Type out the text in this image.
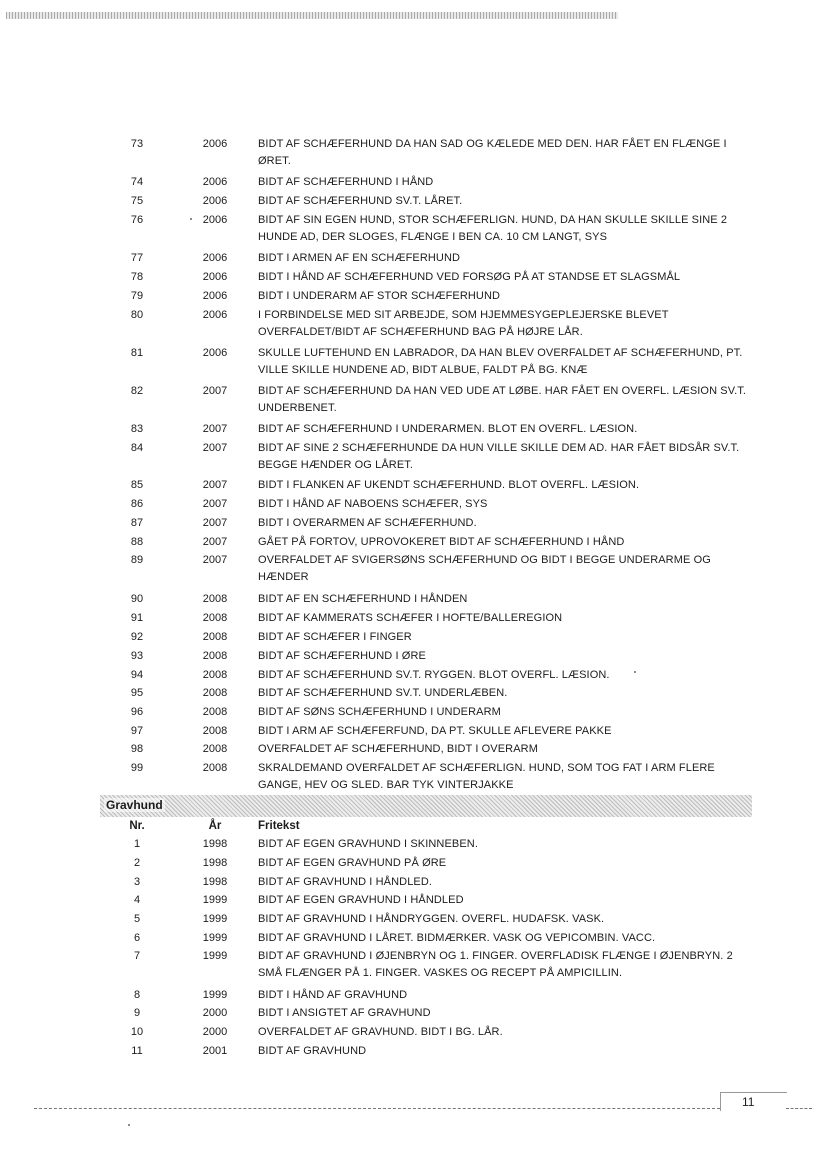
73	2006	BIDT AF SCHÆFERHUND DA HAN SAD OG KÆLEDE MED DEN. HAR FÅET EN FLÆNGE I ØRET.
74	2006	BIDT AF SCHÆFERHUND I HÅND
75	2006	BIDT AF SCHÆFERHUND SV.T. LÅRET.
76	2006	BIDT AF SIN EGEN HUND, STOR SCHÆFERLIGN. HUND, DA HAN SKULLE SKILLE SINE 2 HUNDE AD, DER SLOGES, FLÆNGE I BEN CA. 10 CM LANGT, SYS
77	2006	BIDT I ARMEN AF EN SCHÆFERHUND
78	2006	BIDT I HÅND AF SCHÆFERHUND VED FORSØG PÅ AT STANDSE ET SLAGSMÅL
79	2006	BIDT I UNDERARM AF STOR SCHÆFERHUND
80	2006	I FORBINDELSE MED SIT ARBEJDE, SOM HJEMMESYGEPLEJERSKE BLEVET OVERFALDET/BIDT AF SCHÆFERHUND BAG PÅ HØJRE LÅR.
81	2006	SKULLE LUFTEHUND EN LABRADOR, DA HAN BLEV OVERFALDET AF SCHÆFERHUND, PT. VILLE SKILLE HUNDENE AD, BIDT ALBUE, FALDT PÅ BG. KNÆ
82	2007	BIDT AF SCHÆFERHUND DA HAN VED UDE AT LØBE. HAR FÅET EN OVERFL. LÆSION SV.T. UNDERBENET.
83	2007	BIDT AF SCHÆFERHUND I UNDERARMEN. BLOT EN OVERFL. LÆSION.
84	2007	BIDT AF SINE 2 SCHÆFERHUNDE DA HUN VILLE SKILLE DEM AD. HAR FÅET BIDSÅR SV.T. BEGGE HÆNDER OG LÅRET.
85	2007	BIDT I FLANKEN AF UKENDT SCHÆFERHUND. BLOT OVERFL. LÆSION.
86	2007	BIDT I HÅND AF NABOENS SCHÆFER, SYS
87	2007	BIDT I OVERARMEN AF SCHÆFERHUND.
88	2007	GÅET PÅ FORTOV, UPROVOKERET BIDT AF SCHÆFERHUND I HÅND
89	2007	OVERFALDET AF SVIGERSØNS SCHÆFERHUND OG BIDT I BEGGE UNDERARME OG HÆNDER
90	2008	BIDT AF EN SCHÆFERHUND I HÅNDEN
91	2008	BIDT AF KAMMERATS SCHÆFER I HOFTE/BALLEREGION
92	2008	BIDT AF SCHÆFER I FINGER
93	2008	BIDT AF SCHÆFERHUND I ØRE
94	2008	BIDT AF SCHÆFERHUND SV.T. RYGGEN. BLOT OVERFL. LÆSION.
95	2008	BIDT AF SCHÆFERHUND SV.T. UNDERLÆBEN.
96	2008	BIDT AF SØNS SCHÆFERHUND I UNDERARM
97	2008	BIDT I ARM AF SCHÆFERFUND, DA PT. SKULLE AFLEVERE PAKKE
98	2008	OVERFALDET AF SCHÆFERHUND, BIDT I OVERARM
99	2008	SKRALDEMAND OVERFALDET AF SCHÆFERLIGN. HUND, SOM TOG FAT I ARM FLERE GANGE, HEV OG SLED. BAR TYK VINTERJAKKE
Gravhund
Nr.	År	Fritekst
1	1998	BIDT AF EGEN GRAVHUND I SKINNEBEN.
2	1998	BIDT AF EGEN GRAVHUND PÅ ØRE
3	1998	BIDT AF GRAVHUND I HÅNDLED.
4	1999	BIDT AF EGEN GRAVHUND I HÅNDLED
5	1999	BIDT AF GRAVHUND I HÅNDRYGGEN. OVERFL. HUDAFSK. VASK.
6	1999	BIDT AF GRAVHUND I LÅRET. BIDMÆRKER. VASK OG VEPICOMBIN. VACC.
7	1999	BIDT AF GRAVHUND I ØJENBRYN OG 1. FINGER. OVERFLADISK FLÆNGE I ØJENBRYN. 2 SMÅ FLÆNGER PÅ 1. FINGER. VASKES OG RECEPT PÅ AMPICILLIN.
8	1999	BIDT I HÅND AF GRAVHUND
9	2000	BIDT I ANSIGTET AF GRAVHUND
10	2000	OVERFALDET AF GRAVHUND. BIDT I BG. LÅR.
11	2001	BIDT AF GRAVHUND
11
